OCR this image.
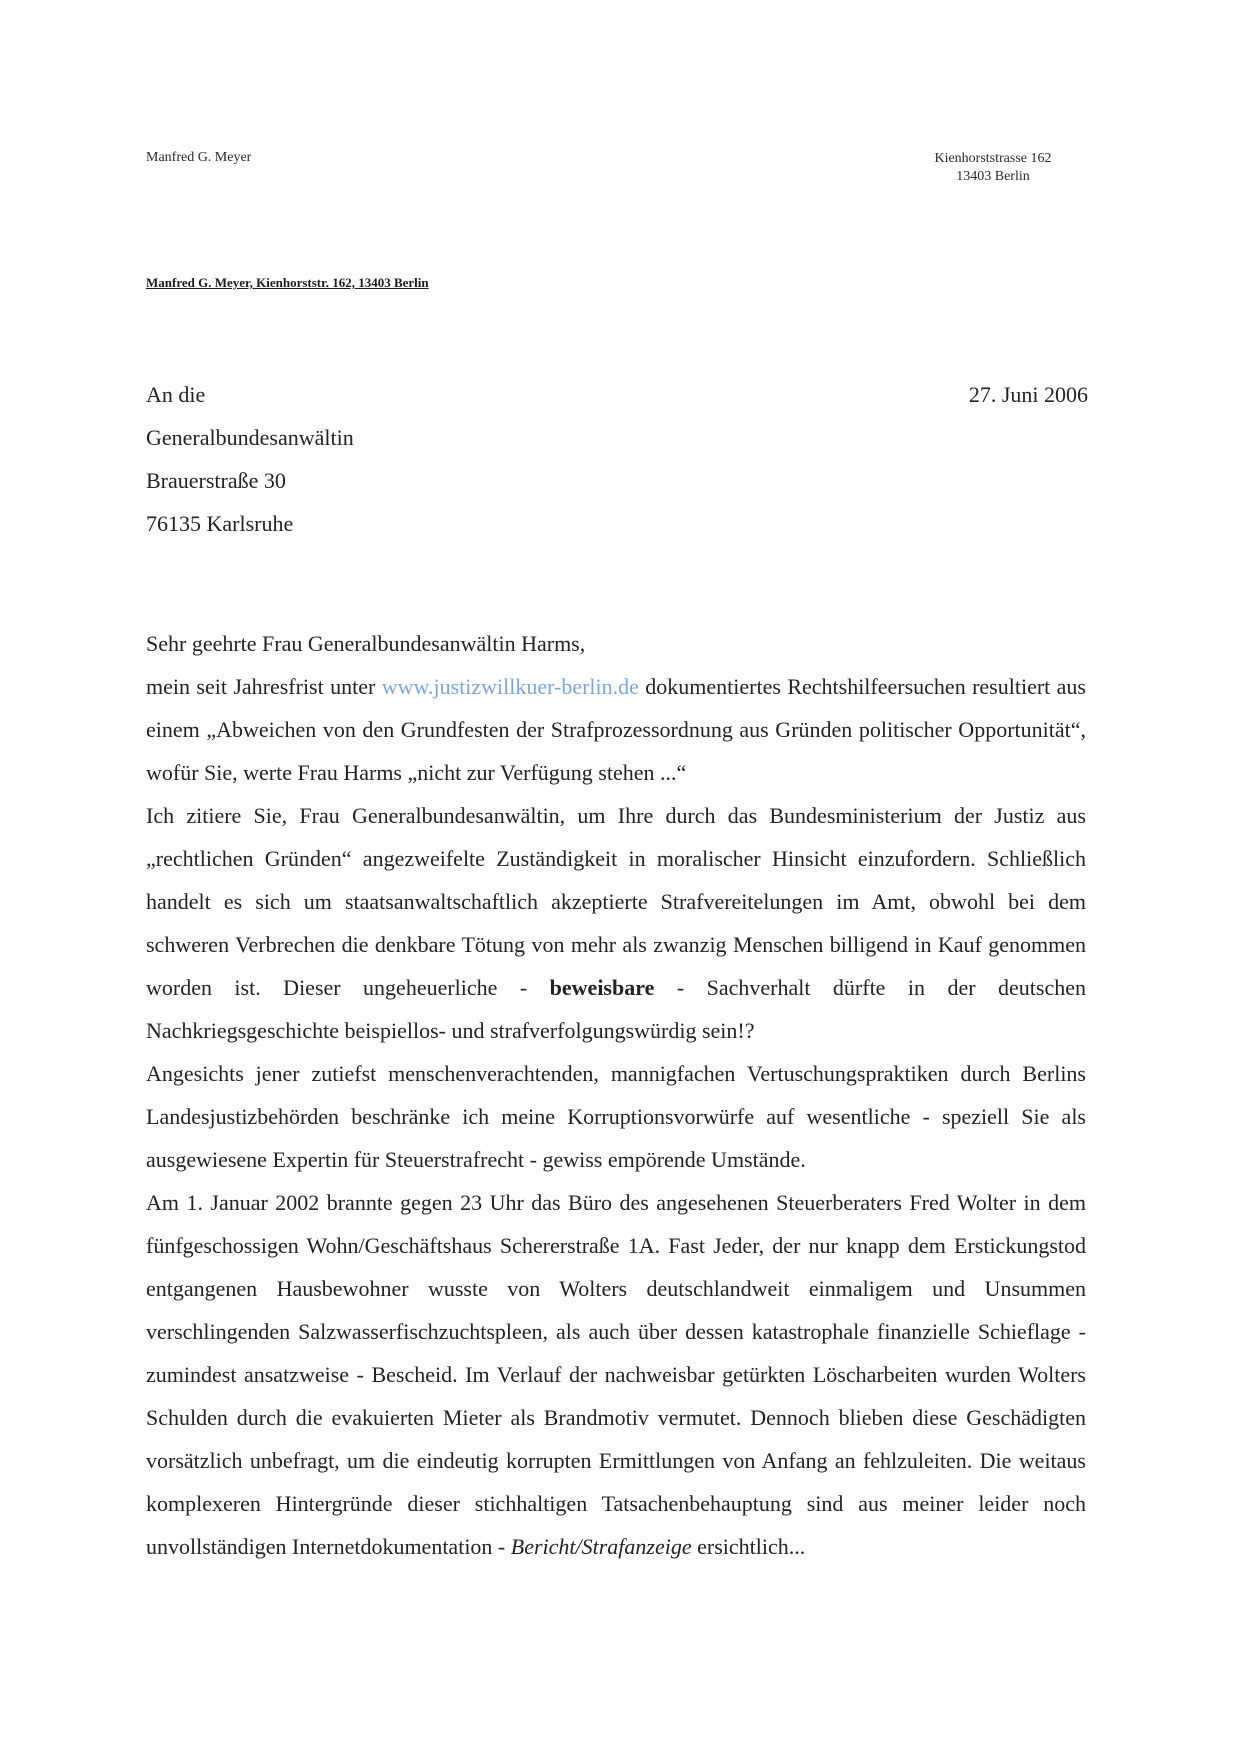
Manfred G. Meyer	Kienhorststrasse 162
13403 Berlin
Manfred G. Meyer, Kienhorststr. 162, 13403 Berlin
An die
Generalbundesanwältin
Brauerstraße 30
76135 Karlsruhe
27. Juni 2006
Sehr geehrte Frau Generalbundesanwältin Harms,

mein seit Jahresfrist unter www.justizwillkuer-berlin.de dokumentiertes Rechtshilfeersuchen resultiert aus einem „Abweichen von den Grundfesten der Strafprozessordnung aus Gründen politischer Opportunität“, wofür Sie, werte Frau Harms „nicht zur Verfügung stehen ...“

Ich zitiere Sie, Frau Generalbundesanwältin, um Ihre durch das Bundesministerium der Justiz aus „rechtlichen Gründen“ angezweifelte Zuständigkeit in moralischer Hinsicht einzufordern. Schließlich handelt es sich um staatsanwaltschaftlich akzeptierte Strafvereitelungen im Amt, obwohl bei dem schweren Verbrechen die denkbare Tötung von mehr als zwanzig Menschen billigend in Kauf genommen worden ist. Dieser ungeheuerliche - beweisbare - Sachverhalt dürfte in der deutschen Nachkriegsgeschichte beispiellos- und strafverfolgungswürdig sein!?

Angesichts jener zutiefst menschenverachtenden, mannigfachen Vertuschungspraktiken durch Berlins Landesjustizbehörden beschränke ich meine Korruptionsvorwürfe auf wesentliche - speziell Sie als ausgewiesene Expertin für Steuerstrafrecht - gewiss empörende Umstände.

Am 1. Januar 2002 brannte gegen 23 Uhr das Büro des angesehenen Steuerberaters Fred Wolter in dem fünfgeschossigen Wohn/Geschäftshaus Schererstraße 1A. Fast Jeder, der nur knapp dem Erstickungstod entgangenen Hausbewohner wusste von Wolters deutschlandweit einmaligem und Unsummen verschlingenden Salzwasserfischzuchtspleen, als auch über dessen katastrophale finanzielle Schieflage - zumindest ansatzweise - Bescheid. Im Verlauf der nachweisbar getürkten Löscharbeiten wurden Wolters Schulden durch die evakuierten Mieter als Brandmotiv vermutet. Dennoch blieben diese Geschädigten vorsätzlich unbefragt, um die eindeutig korrupten Ermittlungen von Anfang an fehlzuleiten. Die weitaus komplexeren Hintergründe dieser stichhaltigen Tatsachenbehauptung sind aus meiner leider noch unvollständigen Internetdokumentation - Bericht/Strafanzeige ersichtlich...
